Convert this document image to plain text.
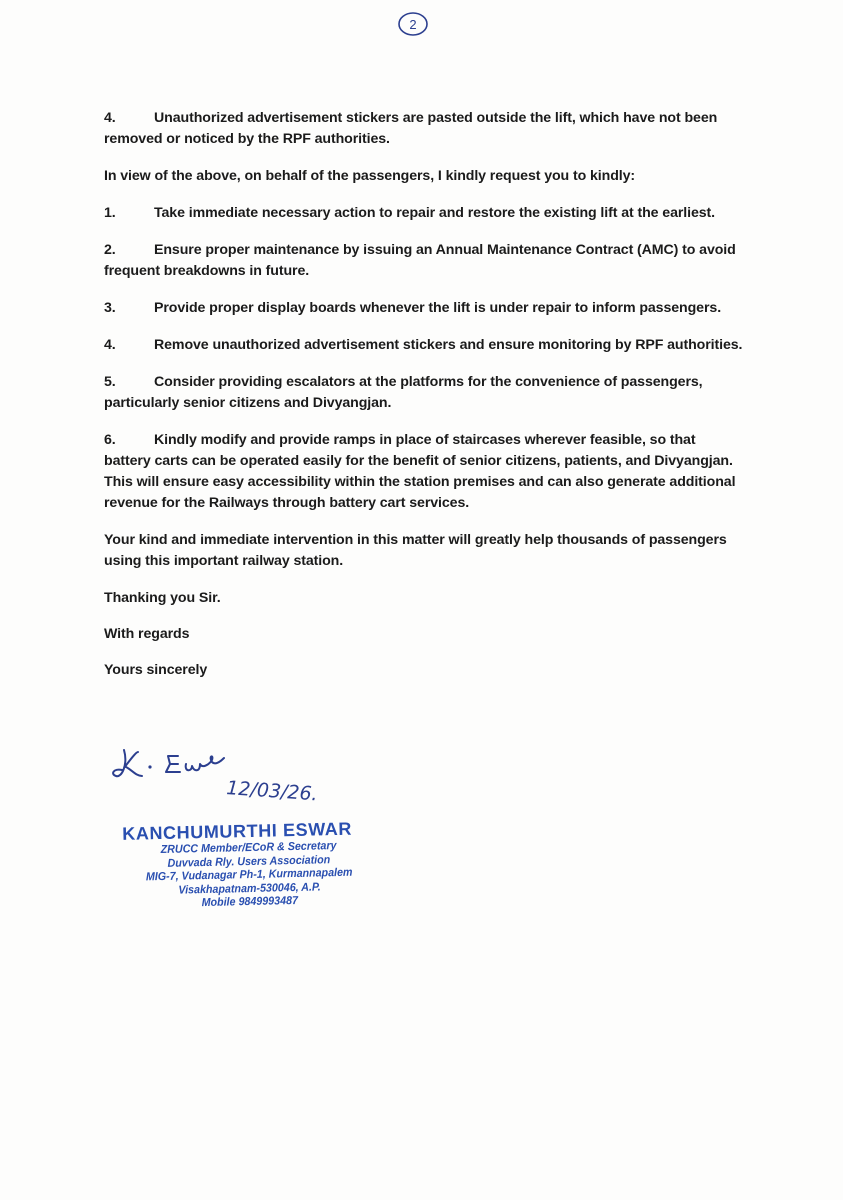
2

4.	Unauthorized advertisement stickers are pasted outside the lift, which have not been removed or noticed by the RPF authorities.

In view of the above, on behalf of the passengers, I kindly request you to kindly:

1.	Take immediate necessary action to repair and restore the existing lift at the earliest.

2.	Ensure proper maintenance by issuing an Annual Maintenance Contract (AMC) to avoid frequent breakdowns in future.

3.	Provide proper display boards whenever the lift is under repair to inform passengers.

4.	Remove unauthorized advertisement stickers and ensure monitoring by RPF authorities.

5.	Consider providing escalators at the platforms for the convenience of passengers, particularly senior citizens and Divyangjan.

6.	Kindly modify and provide ramps in place of staircases wherever feasible, so that battery carts can be operated easily for the benefit of senior citizens, patients, and Divyangjan. This will ensure easy accessibility within the station premises and can also generate additional revenue for the Railways through battery cart services.

Your kind and immediate intervention in this matter will greatly help thousands of passengers using this important railway station.

Thanking you Sir.

With regards

Yours sincerely

12/03/26.
KANCHUMURTHI ESWAR
ZRUCC Member/ECoR & Secretary
Duvvada Rly. Users Association
MIG-7, Vudanagar Ph-1, Kurmannapalem
Visakhapatnam-530046, A.P.
Mobile 9849993487
